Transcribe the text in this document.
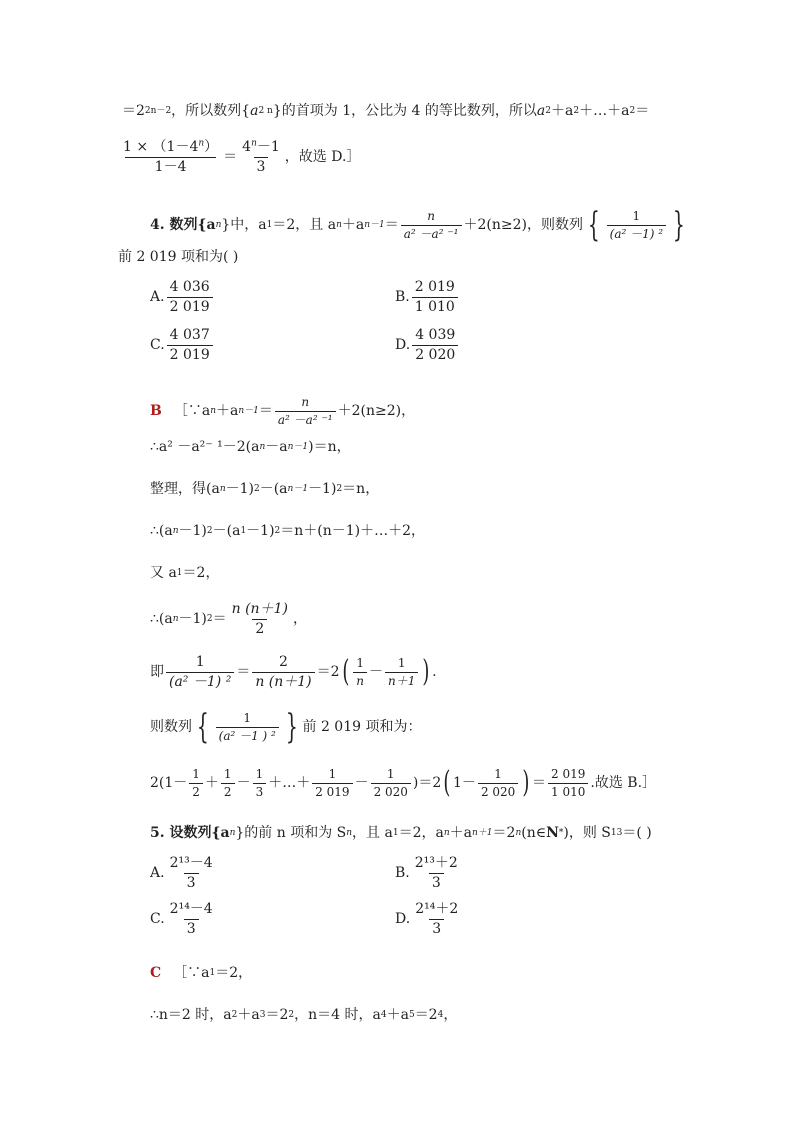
＝2 2n－2 ，所以数列{ a 2 n }的首项为 1，公比为 4 的等比数列，所以 a 2 ＋a 2 ＋…＋a 2 ＝
$\frac{1 \times (1-4^n)}{1-4} = \frac{4^n-1}{3}$ ，故选 D.］
4. 数列{a n }中，a 1 ＝2，且 a n ＋a $n-1 = \frac{n}{\text{a² －a² ⁻¹}} +2(n\ge 2)$，则数列 { $\frac{1}{\text{(a² －1) ²}}$ }
前 2 019 项和为( )
A. $\frac{4 036}{2 019}$	B. $\frac{2 019}{1 010}$
C. $\frac{4 037}{2 019}$	D. $\frac{4 039}{2 020}$
B ［∵a n ＋a $n-1 = \frac{n}{\text{a² －a² ⁻¹}} +2(n\ge 2)$，
∴a² －a²⁻ ¹－2(a n －a n－1 )＝n，
整理，得(a n －1) 2 －(a n－1 －1) 2 ＝n，
∴(a n －1) 2 －(a 1 －1) 2 ＝n＋(n－1)＋…＋2，
又 a 1 ＝2，
∴(a n －1) $2 = \frac{n (n+1)}{2}$ ，
即 $\frac{1}{\text{(a² －1) ²}} = \frac{2}{n (n+1)} =2$ ( $\frac{1}{n} - \frac{1}{n+1}$ ) .
则数列 { $\frac{1}{\text{(a² －1 ) ²}}$ } 前 2 019 项和为：
$2(1- \frac{1}{2} + \frac{1}{2} - \frac{1}{3}$ ＋…＋ $\frac{1}{2 019} - \frac{1}{2 020} )=2$ ( $1- \frac{1}{2 020}$ ) ＝ $\frac{2 019}{1 010}$ .故选 B.］
5. 设数列{a n }的前 n 项和为 S n ，且 a 1 ＝2，a n ＋a n＋1 ＝2 n (n∈ N * )，则 S 13 ＝( )
A. $\frac{\text{2¹³－4}}{3}$	B. $\frac{\text{2¹³＋2}}{3}$
C. $\frac{\text{2¹⁴－4}}{3}$	D. $\frac{\text{2¹⁴＋2}}{3}$
C ［∵a 1 ＝2，
∴n＝2 时，a 2 ＋a 3 ＝2 2 ，n＝4 时，a 4 ＋a 5 ＝2 4 ，
